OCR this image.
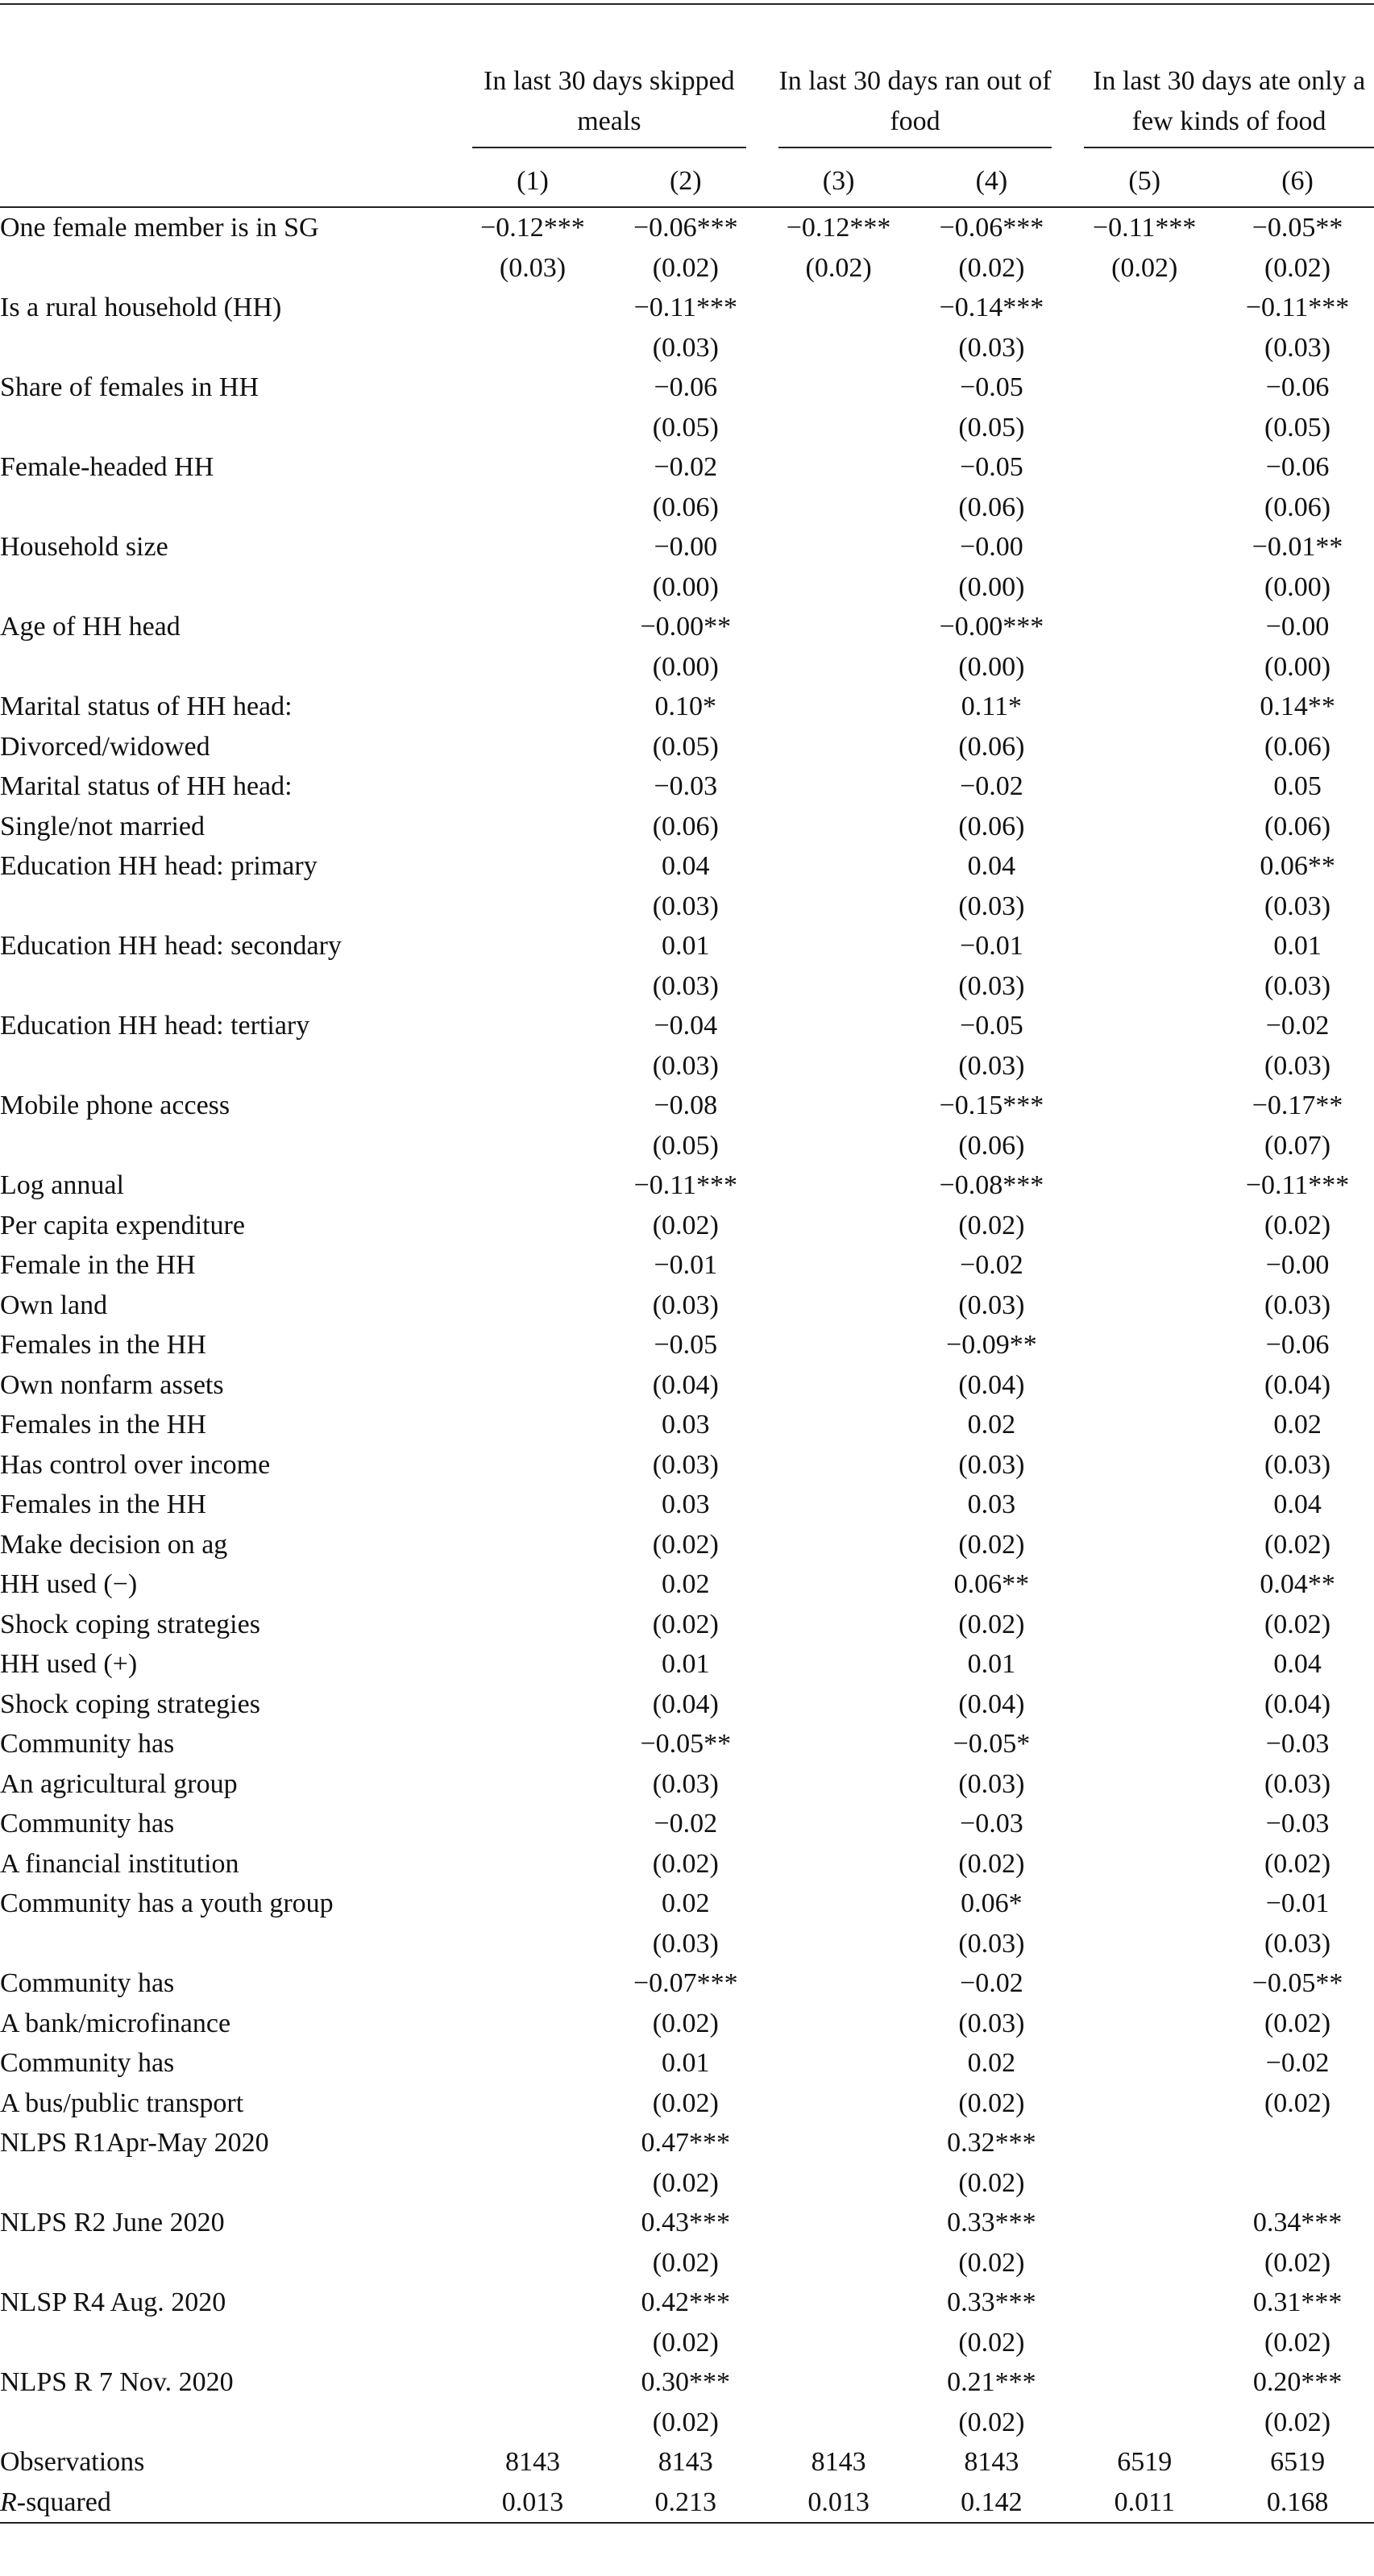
	In last 30 days skipped meals		In last 30 days ran out of food		In last 30 days ate only a few kinds of food	
	(1)	(2)	(3)	(4)	(5)	(6)
One female member is in SG	−0.12***	−0.06***	−0.12***	−0.06***	−0.11***	−0.05**
	(0.03)	(0.02)	(0.02)	(0.02)	(0.02)	(0.02)
Is a rural household (HH)		−0.11***		−0.14***		−0.11***
		(0.03)		(0.03)		(0.03)
Share of females in HH		−0.06		−0.05		−0.06
		(0.05)		(0.05)		(0.05)
Female-headed HH		−0.02		−0.05		−0.06
		(0.06)		(0.06)		(0.06)
Household size		−0.00		−0.00		−0.01**
		(0.00)		(0.00)		(0.00)
Age of HH head		−0.00**		−0.00***		−0.00
		(0.00)		(0.00)		(0.00)
Marital status of HH head:		0.10*		0.11*		0.14**
Divorced/widowed		(0.05)		(0.06)		(0.06)
Marital status of HH head:		−0.03		−0.02		0.05
Single/not married		(0.06)		(0.06)		(0.06)
Education HH head: primary		0.04		0.04		0.06**
		(0.03)		(0.03)		(0.03)
Education HH head: secondary		0.01		−0.01		0.01
		(0.03)		(0.03)		(0.03)
Education HH head: tertiary		−0.04		−0.05		−0.02
		(0.03)		(0.03)		(0.03)
Mobile phone access		−0.08		−0.15***		−0.17**
		(0.05)		(0.06)		(0.07)
Log annual		−0.11***		−0.08***		−0.11***
Per capita expenditure		(0.02)		(0.02)		(0.02)
Female in the HH		−0.01		−0.02		−0.00
Own land		(0.03)		(0.03)		(0.03)
Females in the HH		−0.05		−0.09**		−0.06
Own nonfarm assets		(0.04)		(0.04)		(0.04)
Females in the HH		0.03		0.02		0.02
Has control over income		(0.03)		(0.03)		(0.03)
Females in the HH		0.03		0.03		0.04
Make decision on ag		(0.02)		(0.02)		(0.02)
HH used (−)		0.02		0.06**		0.04**
Shock coping strategies		(0.02)		(0.02)		(0.02)
HH used (+)		0.01		0.01		0.04
Shock coping strategies		(0.04)		(0.04)		(0.04)
Community has		−0.05**		−0.05*		−0.03
An agricultural group		(0.03)		(0.03)		(0.03)
Community has		−0.02		−0.03		−0.03
A financial institution		(0.02)		(0.02)		(0.02)
Community has a youth group		0.02		0.06*		−0.01
		(0.03)		(0.03)		(0.03)
Community has		−0.07***		−0.02		−0.05**
A bank/microfinance		(0.02)		(0.03)		(0.02)
Community has		0.01		0.02		−0.02
A bus/public transport		(0.02)		(0.02)		(0.02)
NLPS R1Apr-May 2020		0.47***		0.32***		
		(0.02)		(0.02)		
NLPS R2 June 2020		0.43***		0.33***		0.34***
		(0.02)		(0.02)		(0.02)
NLSP R4 Aug. 2020		0.42***		0.33***		0.31***
		(0.02)		(0.02)		(0.02)
NLPS R 7 Nov. 2020		0.30***		0.21***		0.20***
		(0.02)		(0.02)		(0.02)
Observations	8143	8143	8143	8143	6519	6519
R-squared	0.013	0.213	0.013	0.142	0.011	0.168
